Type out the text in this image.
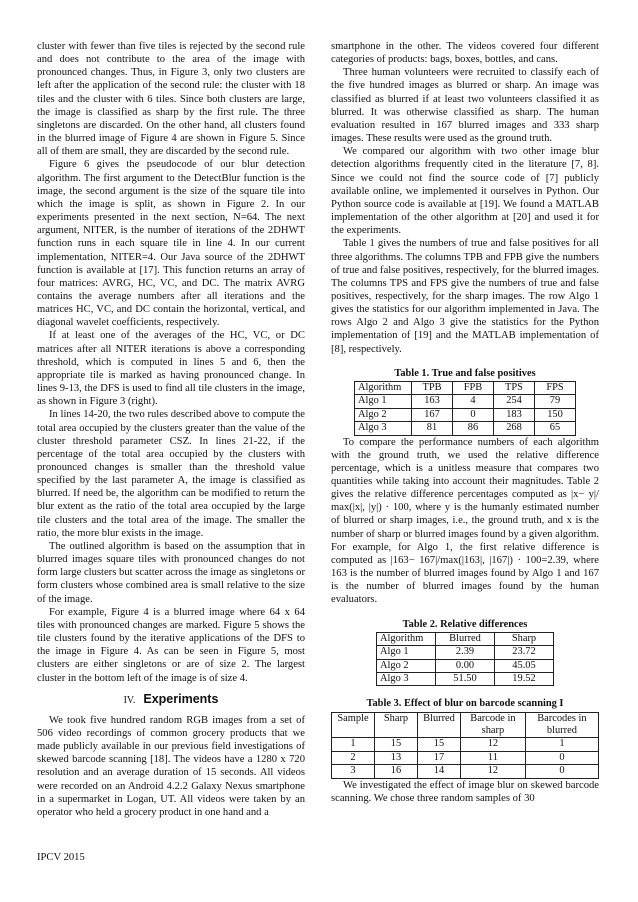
cluster with fewer than five tiles is rejected by the second rule and does not contribute to the area of the image with pronounced changes. Thus, in Figure 3, only two clusters are left after the application of the second rule: the cluster with 18 tiles and the cluster with 6 tiles. Since both clusters are large, the image is classified as sharp by the first rule. The three singletons are discarded. On the other hand, all clusters found in the blurred image of Figure 4 are shown in Figure 5. Since all of them are small, they are discarded by the second rule.

Figure 6 gives the pseudocode of our blur detection algorithm. The first argument to the DetectBlur function is the image, the second argument is the size of the square tile into which the image is split, as shown in Figure 2. In our experiments presented in the next section, N=64. The next argument, NITER, is the number of iterations of the 2DHWT function runs in each square tile in line 4. In our current implementation, NITER=4. Our Java source of the 2DHWT function is available at [17]. This function returns an array of four matrices: AVRG, HC, VC, and DC. The matrix AVRG contains the average numbers after all iterations and the matrices HC, VC, and DC contain the horizontal, vertical, and diagonal wavelet coefficients, respectively.

If at least one of the averages of the HC, VC, or DC matrices after all NITER iterations is above a corresponding threshold, which is computed in lines 5 and 6, then the appropriate tile is marked as having pronounced change. In lines 9-13, the DFS is used to find all tile clusters in the image, as shown in Figure 3 (right).

In lines 14-20, the two rules described above to compute the total area occupied by the clusters greater than the value of the cluster threshold parameter CSZ. In lines 21-22, if the percentage of the total area occupied by the clusters with pronounced changes is smaller than the threshold value specified by the last parameter A, the image is classified as blurred. If need be, the algorithm can be modified to return the blur extent as the ratio of the total area occupied by the large tile clusters and the total area of the image. The smaller the ratio, the more blur exists in the image.

The outlined algorithm is based on the assumption that in blurred images square tiles with pronounced changes do not form large clusters but scatter across the image as singletons or form clusters whose combined area is small relative to the size of the image.

For example, Figure 4 is a blurred image where 64 x 64 tiles with pronounced changes are marked. Figure 5 shows the tile clusters found by the iterative applications of the DFS to the image in Figure 4. As can be seen in Figure 5, most clusters are either singletons or are of size 2. The largest cluster in the bottom left of the image is of size 4.

IV. Experiments

We took five hundred random RGB images from a set of 506 video recordings of common grocery products that we made publicly available in our previous field investigations of skewed barcode scanning [18]. The videos have a 1280 x 720 resolution and an average duration of 15 seconds. All videos were recorded on an Android 4.2.2 Galaxy Nexus smartphone in a supermarket in Logan, UT. All videos were taken by an operator who held a grocery product in one hand and a

smartphone in the other. The videos covered four different categories of products: bags, boxes, bottles, and cans.

Three human volunteers were recruited to classify each of the five hundred images as blurred or sharp. An image was classified as blurred if at least two volunteers classified it as blurred. It was otherwise classified as sharp. The human evaluation resulted in 167 blurred images and 333 sharp images. These results were used as the ground truth.

We compared our algorithm with two other image blur detection algorithms frequently cited in the literature [7, 8]. Since we could not find the source code of [7] publicly available online, we implemented it ourselves in Python. Our Python source code is available at [19]. We found a MATLAB implementation of the other algorithm at [20] and used it for the experiments.

Table 1 gives the numbers of true and false positives for all three algorithms. The columns TPB and FPB give the numbers of true and false positives, respectively, for the blurred images. The columns TPS and FPS give the numbers of true and false positives, respectively, for the sharp images. The row Algo 1 gives the statistics for our algorithm implemented in Java. The rows Algo 2 and Algo 3 give the statistics for the Python implementation of [19] and the MATLAB implementation of [8], respectively.

Table 1. True and false positives
Algorithm	TPB	FPB	TPS	FPS
Algo 1	163	4	254	79
Algo 2	167	0	183	150
Algo 3	81	86	268	65

To compare the performance numbers of each algorithm with the ground truth, we used the relative difference percentage, which is a unitless measure that compares two quantities while taking into account their magnitudes. Table 2 gives the relative difference percentages computed as |x− y|/ max(|x|, |y|) · 100, where y is the humanly estimated number of blurred or sharp images, i.e., the ground truth, and x is the number of sharp or blurred images found by a given algorithm. For example, for Algo 1, the first relative difference is computed as |163− 167|/max(|163|, |167|) · 100=2.39, where 163 is the number of blurred images found by Algo 1 and 167 is the number of blurred images found by the human evaluators.

Table 2. Relative differences
Algorithm	Blurred	Sharp
Algo 1	2.39	23.72
Algo 2	0.00	45.05
Algo 3	51.50	19.52
Table 3. Effect of blur on barcode scanning I
Sample	Sharp	Blurred	Barcode in sharp	Barcodes in blurred
1	15	15	12	1
2	13	17	11	0
3	16	14	12	0

We investigated the effect of image blur on skewed barcode scanning. We chose three random samples of 30

IPCV 2015
